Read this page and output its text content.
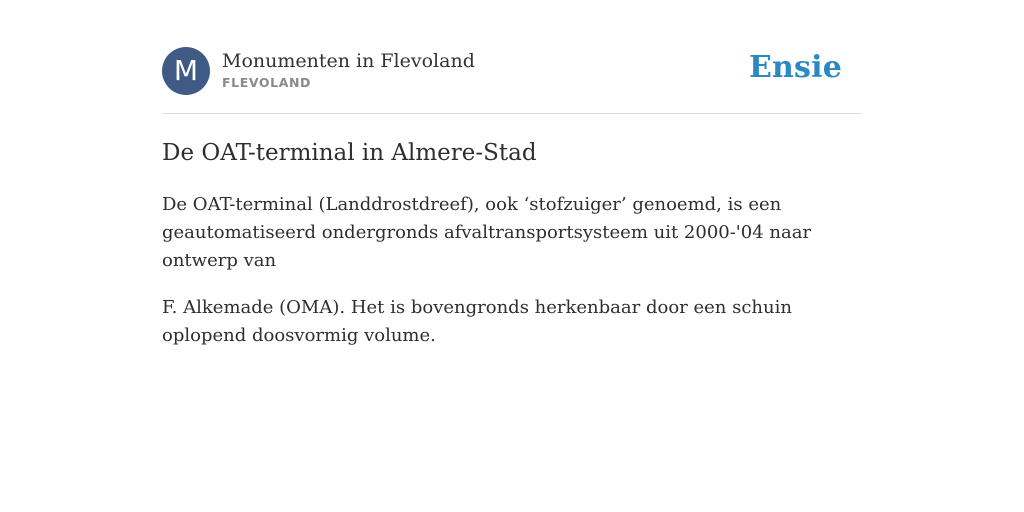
M	Monumenten in Flevoland
FLEVOLAND	Ensie
De OAT-terminal in Almere-Stad

De OAT-terminal (Landdrostdreef), ook ‘stofzuiger’ genoemd, is een geautomatiseerd ondergronds afvaltransportsysteem uit 2000-'04 naar ontwerp van

F. Alkemade (OMA). Het is bovengronds herkenbaar door een schuin oplopend doosvormig volume.
